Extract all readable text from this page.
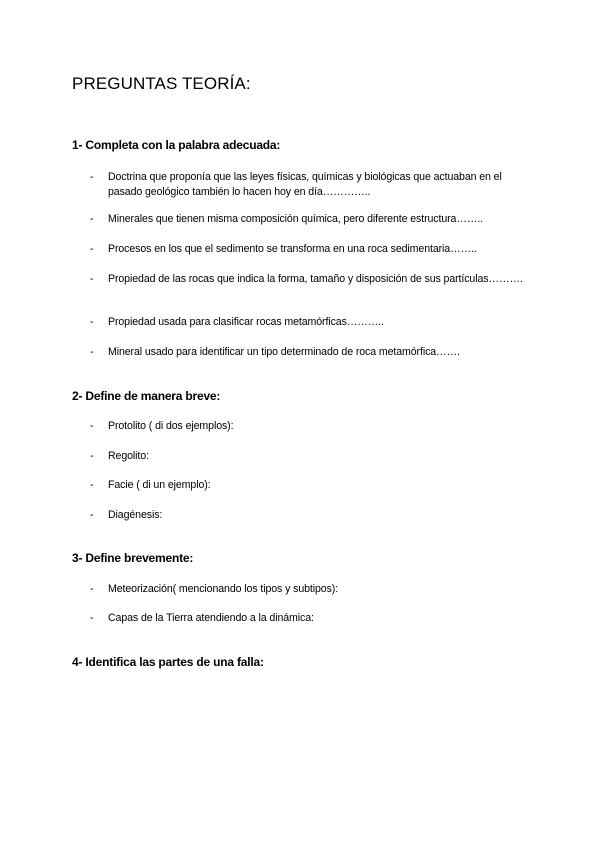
PREGUNTAS TEORÍA:
1- Completa con la palabra adecuada:
- Doctrina que proponía que las leyes físicas, químicas y biológicas que actuaban en el pasado geológico también lo hacen hoy en día…………..
- Minerales que tienen misma composición química, pero diferente estructura……..
- Procesos en los que el sedimento se transforma en una roca sedimentaria……..
- Propiedad de las rocas que indica la forma, tamaño y disposición de sus partículas……….
- Propiedad usada para clasificar rocas metamórficas………..
- Mineral usado para identificar un tipo determinado de roca metamórfica…….
2- Define de manera breve:
- Protolito ( di dos ejemplos):
- Regolito:
- Facie ( di un ejemplo):
- Diagénesis:
3- Define brevemente:
- Meteorización( mencionando los tipos y subtipos):
- Capas de la Tierra atendiendo a la dinámica:
4- Identifica las partes de una falla:
